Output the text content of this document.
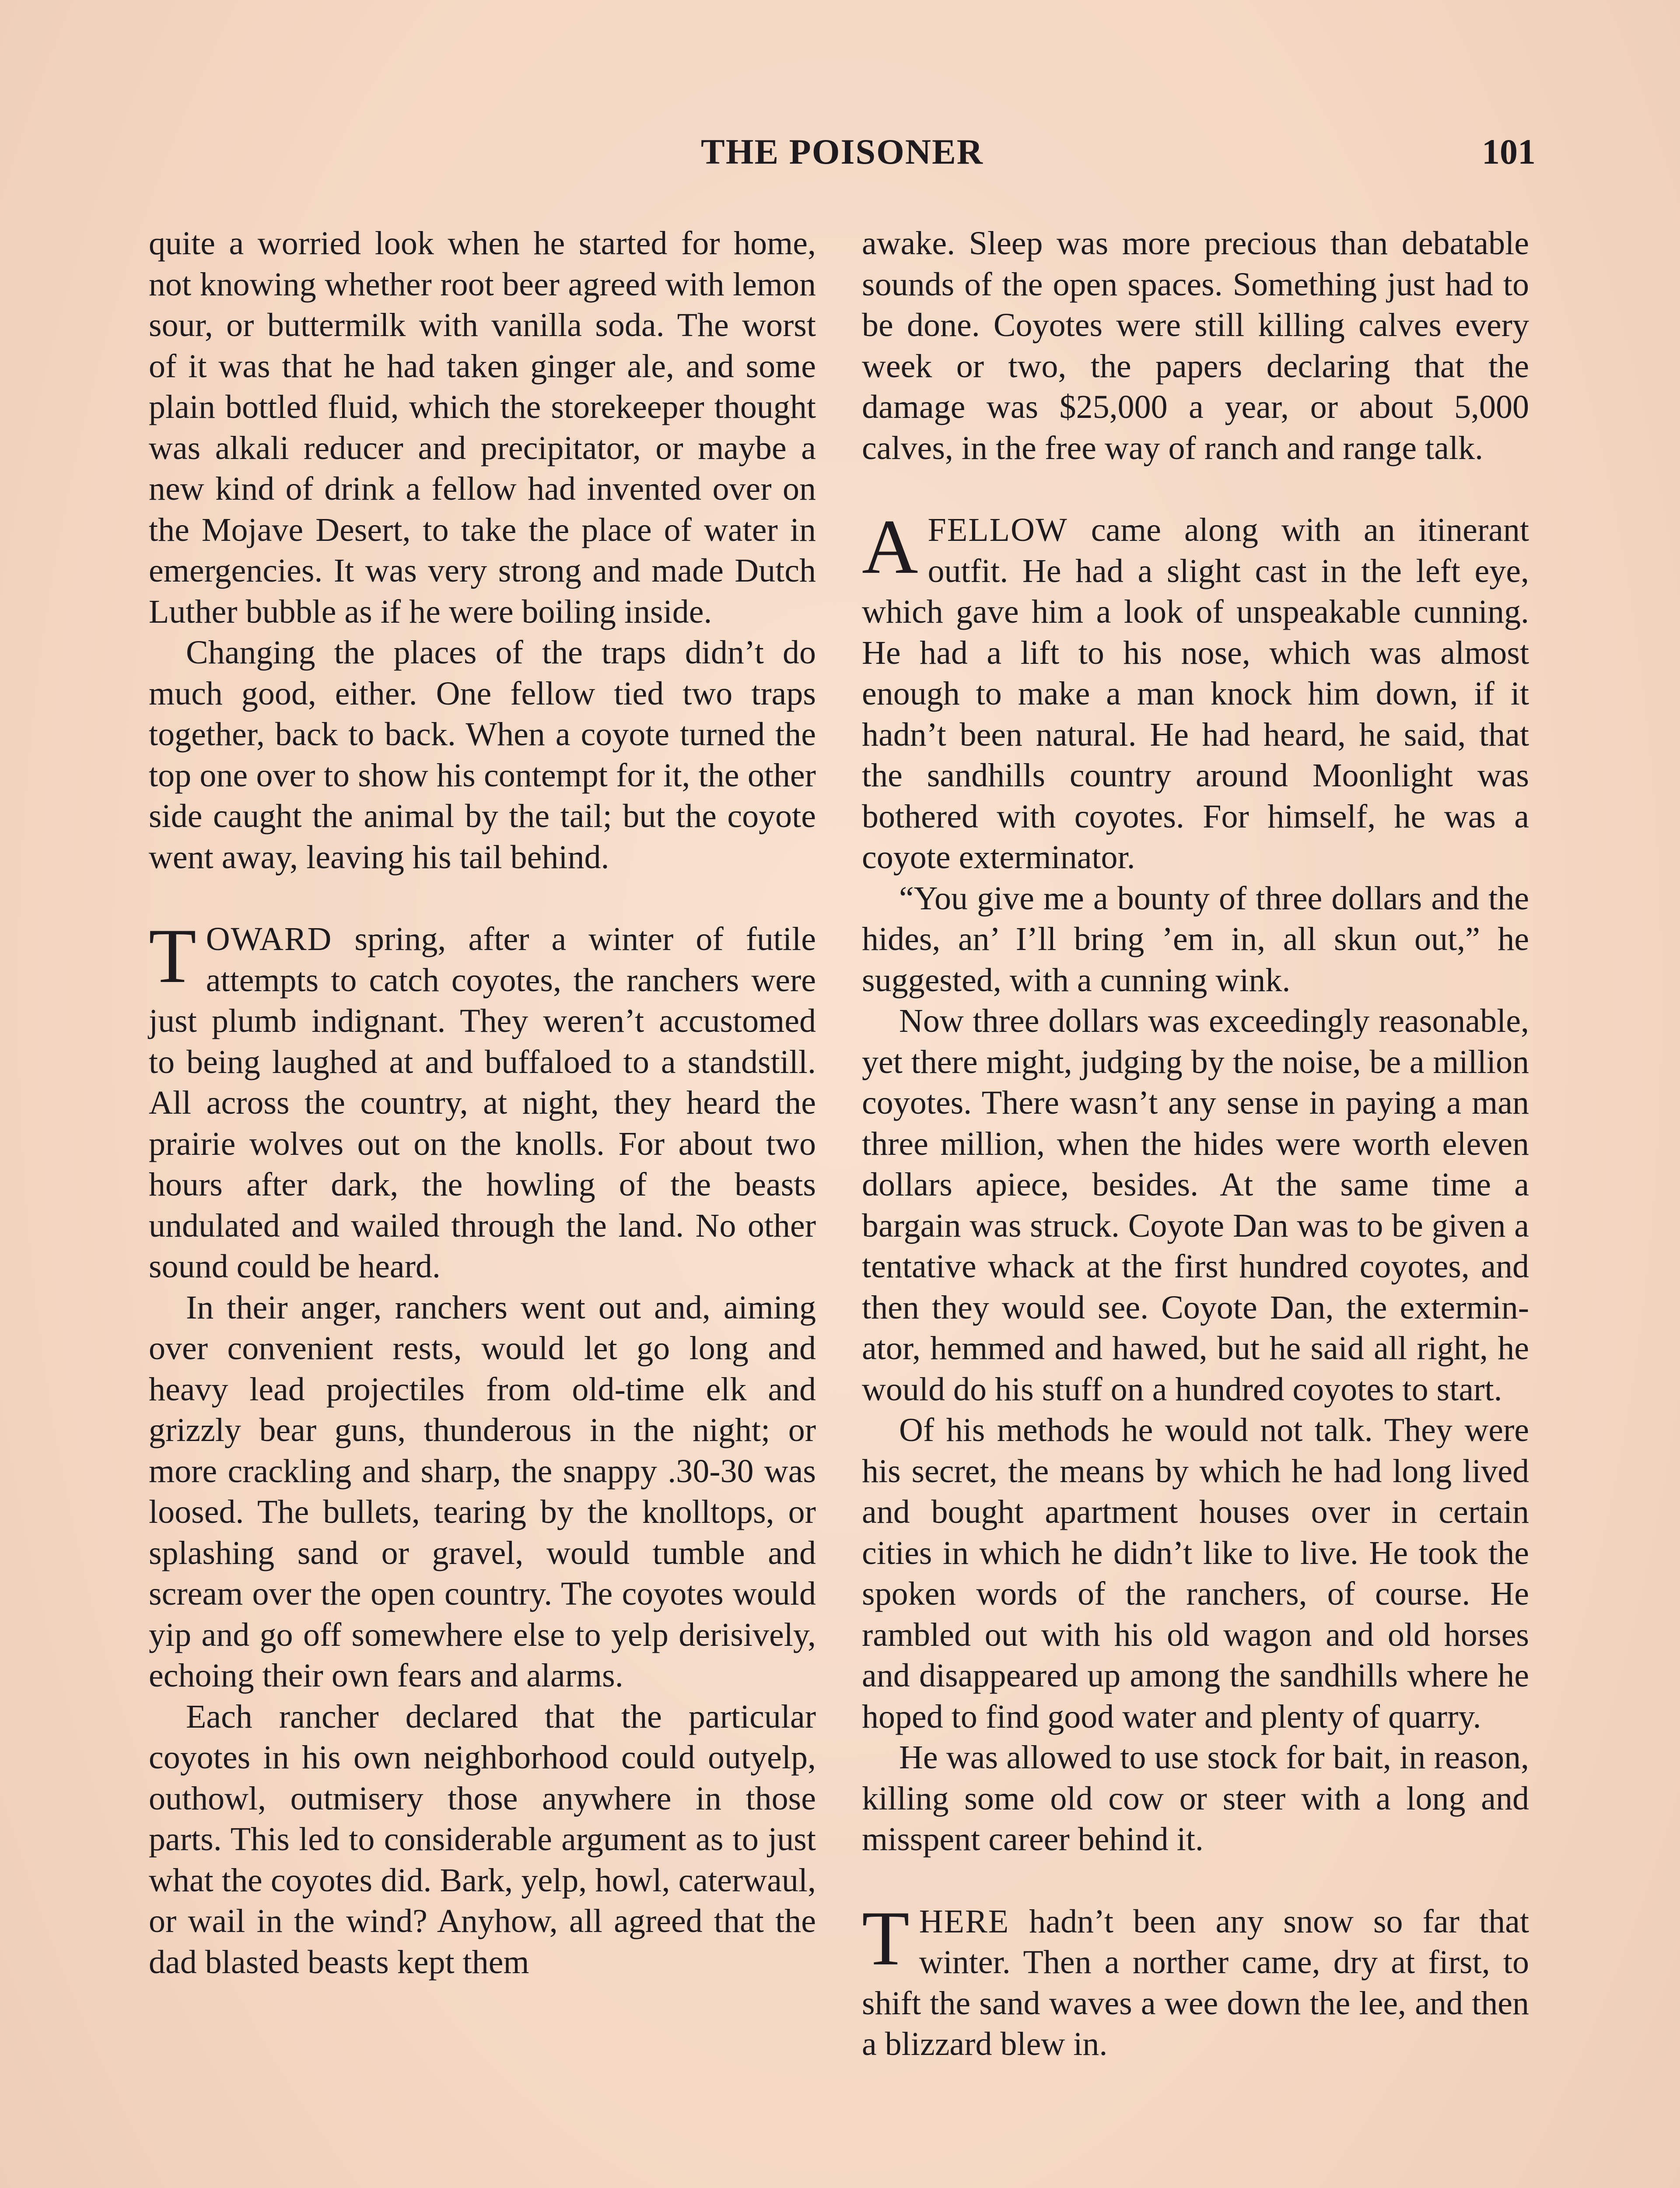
THE POISONER	101

quite a worried look when he started for home, not knowing whether root beer agreed with lemon sour, or buttermilk with vanilla soda. The worst of it was that he had taken ginger ale, and some plain bottled fluid, which the storekeeper thought was alkali reducer and precipitator, or maybe a new kind of drink a fellow had invented over on the Mojave Desert, to take the place of water in emergencies. It was very strong and made Dutch Luther bubble as if he were boiling inside.

Changing the places of the traps didn’t do much good, either. One fellow tied two traps together, back to back. When a coyote turned the top one over to show his contempt for it, the other side caught the animal by the tail; but the coyote went away, leaving his tail behind.

TOWARD spring, after a winter of futile attempts to catch coyotes, the ranchers were just plumb indignant. They weren’t accustomed to being laughed at and buffaloed to a standstill. All across the country, at night, they heard the prairie wolves out on the knolls. For about two hours after dark, the howling of the beasts undulated and wailed through the land. No other sound could be heard.

In their anger, ranchers went out and, aiming over convenient rests, would let go long and heavy lead projectiles from old-time elk and grizzly bear guns, thunderous in the night; or more crackling and sharp, the snappy .30-30 was loosed. The bullets, tearing by the knolltops, or splashing sand or gravel, would tumble and scream over the open country. The coyotes would yip and go off somewhere else to yelp derisively, echoing their own fears and alarms.

Each rancher declared that the particular coyotes in his own neighborhood could outyelp, outhowl, outmisery those anywhere in those parts. This led to considerable argument as to just what the coyotes did. Bark, yelp, howl, caterwaul, or wail in the wind? Anyhow, all agreed that the dad blasted beasts kept them

awake. Sleep was more precious than debatable sounds of the open spaces. Something just had to be done. Coyotes were still killing calves every week or two, the papers declaring that the damage was $25,000 a year, or about 5,000 calves, in the free way of ranch and range talk.

AFELLOW came along with an itinerant outfit. He had a slight cast in the left eye, which gave him a look of unspeakable cunning. He had a lift to his nose, which was almost enough to make a man knock him down, if it hadn’t been natural. He had heard, he said, that the sandhills country around Moonlight was bothered with coyotes. For himself, he was a coyote exterminator.

“You give me a bounty of three dollars and the hides, an’ I’ll bring ’em in, all skun out,” he suggested, with a cunning wink.

Now three dollars was exceedingly reasonable, yet there might, judging by the noise, be a million coyotes. There wasn’t any sense in paying a man three million, when the hides were worth eleven dollars apiece, besides. At the same time a bargain was struck. Coyote Dan was to be given a tentative whack at the first hundred coyotes, and then they would see. Coyote Dan, the exterminator, hemmed and hawed, but he said all right, he would do his stuff on a hundred coyotes to start.

Of his methods he would not talk. They were his secret, the means by which he had long lived and bought apartment houses over in certain cities in which he didn’t like to live. He took the spoken words of the ranchers, of course. He rambled out with his old wagon and old horses and disappeared up among the sandhills where he hoped to find good water and plenty of quarry.

He was allowed to use stock for bait, in reason, killing some old cow or steer with a long and misspent career behind it.

THERE hadn’t been any snow so far that winter. Then a norther came, dry at first, to shift the sand waves a wee down the lee, and then a blizzard blew in.
